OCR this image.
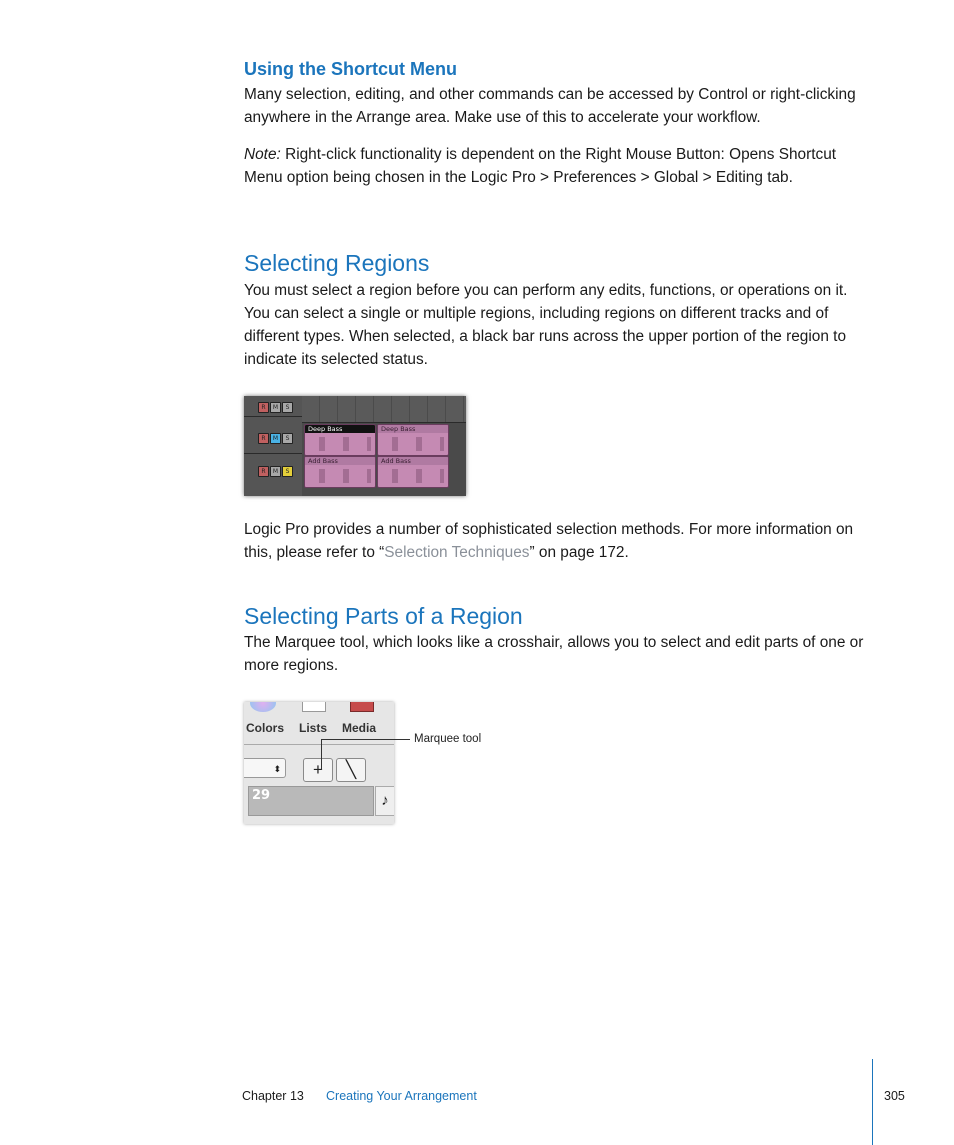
Using the Shortcut Menu

Many selection, editing, and other commands can be accessed by Control or right-clicking anywhere in the Arrange area. Make use of this to accelerate your workflow.

Note: Right-click functionality is dependent on the Right Mouse Button: Opens Shortcut Menu option being chosen in the Logic Pro > Preferences > Global > Editing tab.

Selecting Regions

You must select a region before you can perform any edits, functions, or operations on it. You can select a single or multiple regions, including regions on different tracks and of different types. When selected, a black bar runs across the upper portion of the region to indicate its selected status.

R	M	S
R	M	S
R	M	S
Deep Bass	Deep Bass
Add Bass	Add Bass

Logic Pro provides a number of sophisticated selection methods. For more information on this, please refer to “Selection Techniques” on page 172.

Selecting Parts of a Region

The Marquee tool, which looks like a crosshair, allows you to select and edit parts of one or more regions.

Colors Lists Media
⬍	+	╲
29	♪
Marquee tool
Chapter 13 Creating Your Arrangement	305
